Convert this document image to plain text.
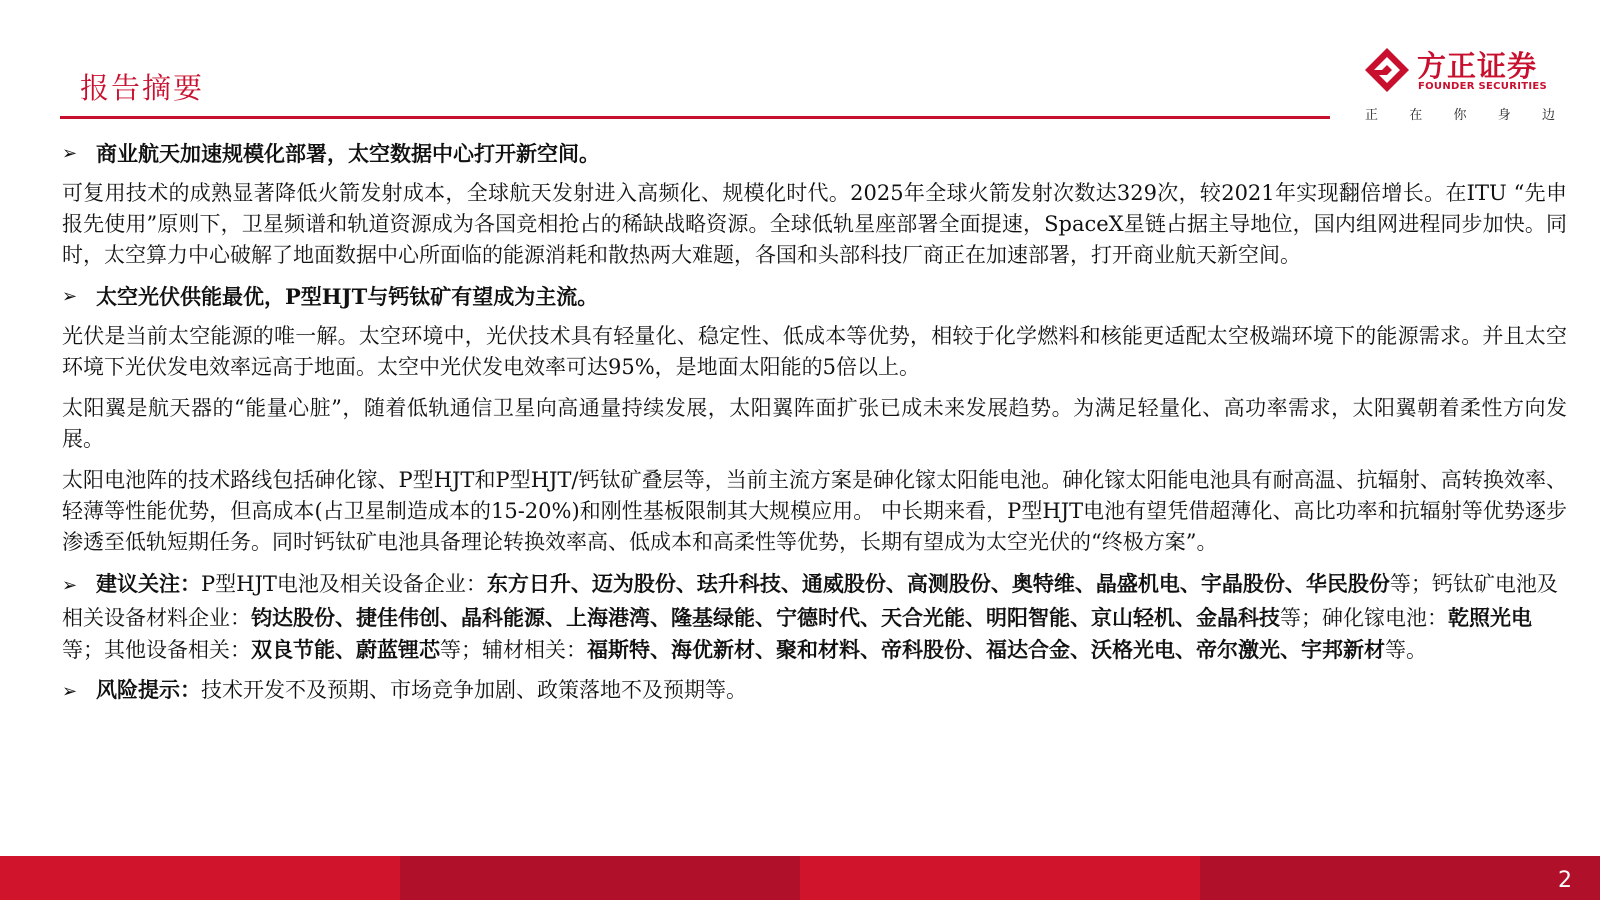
报告摘要
方正证券
FOUNDER SECURITIES
正 在 你 身 边
➢ 商业航天加速规模化部署，太空数据中心打开新空间。

可复用技术的成熟显著降低火箭发射成本，全球航天发射进入高频化、规模化时代。2025年全球火箭发射次数达329次，较2021年实现翻倍增长。在ITU “先申报先使用”原则下，卫星频谱和轨道资源成为各国竞相抢占的稀缺战略资源。全球低轨星座部署全面提速，SpaceX星链占据主导地位，国内组网进程同步加快。同时，太空算力中心破解了地面数据中心所面临的能源消耗和散热两大难题，各国和头部科技厂商正在加速部署，打开商业航天新空间。

➢ 太空光伏供能最优，P型HJT与钙钛矿有望成为主流。

光伏是当前太空能源的唯一解。太空环境中，光伏技术具有轻量化、稳定性、低成本等优势，相较于化学燃料和核能更适配太空极端环境下的能源需求。并且太空环境下光伏发电效率远高于地面。太空中光伏发电效率可达95%，是地面太阳能的5倍以上。

太阳翼是航天器的“能量心脏”，随着低轨通信卫星向高通量持续发展，太阳翼阵面扩张已成未来发展趋势。为满足轻量化、高功率需求，太阳翼朝着柔性方向发展。

太阳电池阵的技术路线包括砷化镓、P型HJT和P型HJT/钙钛矿叠层等，当前主流方案是砷化镓太阳能电池。砷化镓太阳能电池具有耐高温、抗辐射、高转换效率、轻薄等性能优势，但高成本(占卫星制造成本的15-20%)和刚性基板限制其大规模应用。 中长期来看，P型HJT电池有望凭借超薄化、高比功率和抗辐射等优势逐步渗透至低轨短期任务。同时钙钛矿电池具备理论转换效率高、低成本和高柔性等优势，长期有望成为太空光伏的“终极方案”。

➢ 建议关注：P型HJT电池及相关设备企业：东方日升、迈为股份、珐升科技、通威股份、高测股份、奥特维、晶盛机电、宇晶股份、华民股份等；钙钛矿电池及相关设备材料企业：钧达股份、捷佳伟创、晶科能源、上海港湾、隆基绿能、宁德时代、天合光能、明阳智能、京山轻机、金晶科技等；砷化镓电池：乾照光电等；其他设备相关：双良节能、蔚蓝锂芯等；辅材相关：福斯特、海优新材、聚和材料、帝科股份、福达合金、沃格光电、帝尔激光、宇邦新材等。
➢ 风险提示：技术开发不及预期、市场竞争加剧、政策落地不及预期等。
2
